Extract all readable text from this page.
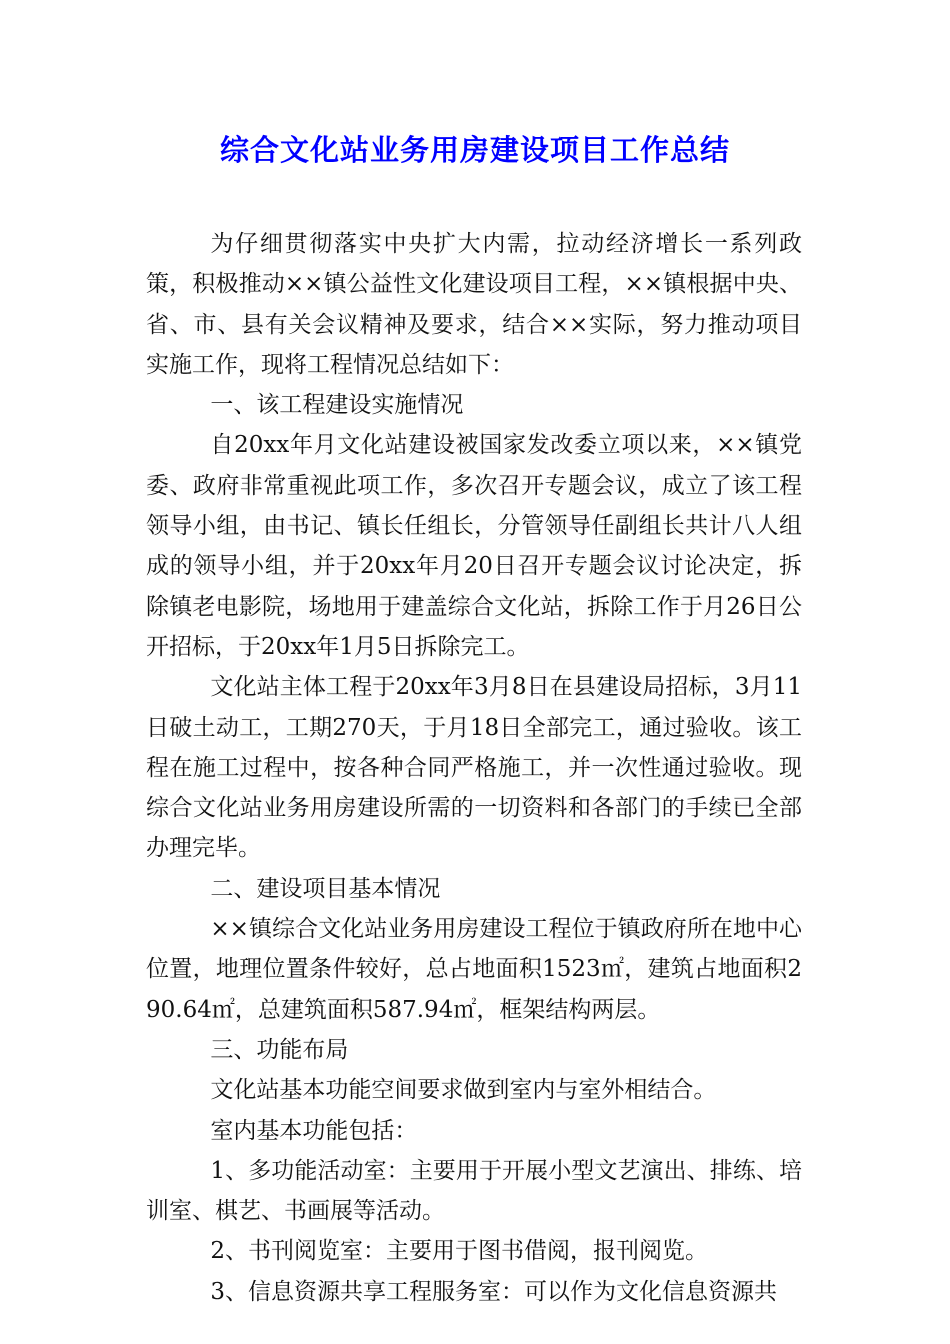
综合文化站业务用房建设项目工作总结

为仔细贯彻落实中央扩大内需，拉动经济增长一系列政策，积极推动××镇公益性文化建设项目工程，××镇根据中央、省、市、县有关会议精神及要求，结合××实际，努力推动项目实施工作，现将工程情况总结如下：

一、该工程建设实施情况

自20xx年月文化站建设被国家发改委立项以来，××镇党委、政府非常重视此项工作，多次召开专题会议，成立了该工程领导小组，由书记、镇长任组长，分管领导任副组长共计八人组成的领导小组，并于20xx年月20日召开专题会议讨论决定，拆除镇老电影院，场地用于建盖综合文化站，拆除工作于月26日公开招标，于20xx年1月5日拆除完工。

文化站主体工程于20xx年3月8日在县建设局招标，3月11日破土动工，工期270天，于月18日全部完工，通过验收。该工程在施工过程中，按各种合同严格施工，并一次性通过验收。现综合文化站业务用房建设所需的一切资料和各部门的手续已全部办理完毕。

二、建设项目基本情况

××镇综合文化站业务用房建设工程位于镇政府所在地中心位置，地理位置条件较好，总占地面积1523㎡，建筑占地面积290.64㎡，总建筑面积587.94㎡，框架结构两层。

三、功能布局

文化站基本功能空间要求做到室内与室外相结合。

室内基本功能包括：

1、多功能活动室：主要用于开展小型文艺演出、排练、培训室、棋艺、书画展等活动。

2、书刊阅览室：主要用于图书借阅，报刊阅览。

3、信息资源共享工程服务室：可以作为文化信息资源共
